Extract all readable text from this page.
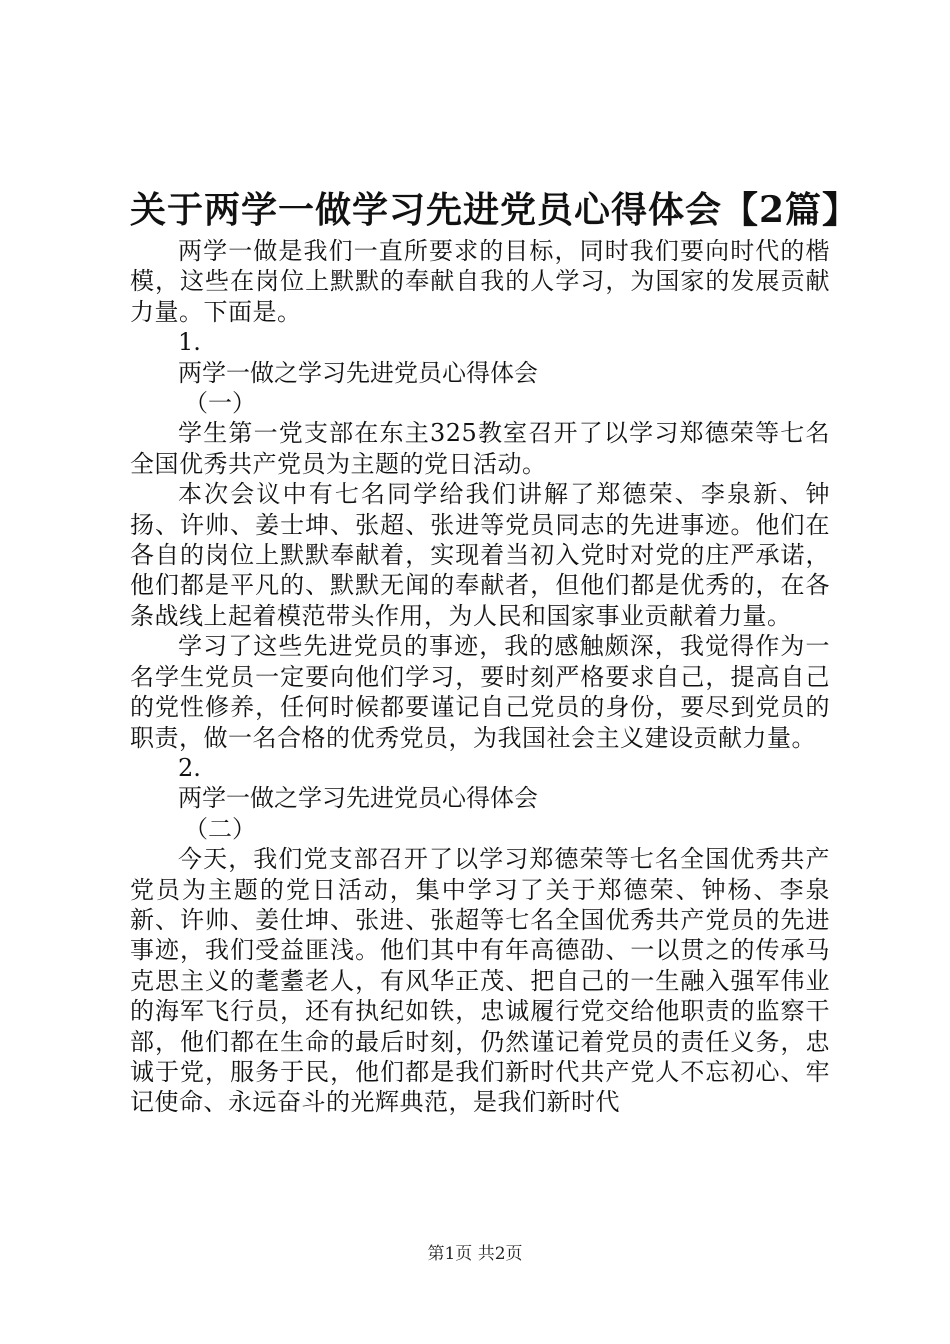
关于两学一做学习先进党员心得体会【2篇】

两学一做是我们一直所要求的目标，同时我们要向时代的楷模，这些在岗位上默默的奉献自我的人学习，为国家的发展贡献力量。下面是。

1.

两学一做之学习先进党员心得体会

（一）

学生第一党支部在东主325教室召开了以学习郑德荣等七名全国优秀共产党员为主题的党日活动。

本次会议中有七名同学给我们讲解了郑德荣、李泉新、钟扬、许帅、姜士坤、张超、张进等党员同志的先进事迹。他们在各自的岗位上默默奉献着，实现着当初入党时对党的庄严承诺，他们都是平凡的、默默无闻的奉献者，但他们都是优秀的，在各条战线上起着模范带头作用，为人民和国家事业贡献着力量。

学习了这些先进党员的事迹，我的感触颇深，我觉得作为一名学生党员一定要向他们学习，要时刻严格要求自己，提高自己的党性修养，任何时候都要谨记自己党员的身份，要尽到党员的职责，做一名合格的优秀党员，为我国社会主义建设贡献力量。

2.

两学一做之学习先进党员心得体会

（二）

今天，我们党支部召开了以学习郑德荣等七名全国优秀共产党员为主题的党日活动，集中学习了关于郑德荣、钟杨、李泉新、许帅、姜仕坤、张进、张超等七名全国优秀共产党员的先进事迹，我们受益匪浅。他们其中有年高德劭、一以贯之的传承马克思主义的耄耋老人，有风华正茂、把自己的一生融入强军伟业的海军飞行员，还有执纪如铁，忠诚履行党交给他职责的监察干部，他们都在生命的最后时刻，仍然谨记着党员的责任义务，忠诚于党，服务于民，他们都是我们新时代共产党人不忘初心、牢记使命、永远奋斗的光辉典范，是我们新时代

第1页 共2页
